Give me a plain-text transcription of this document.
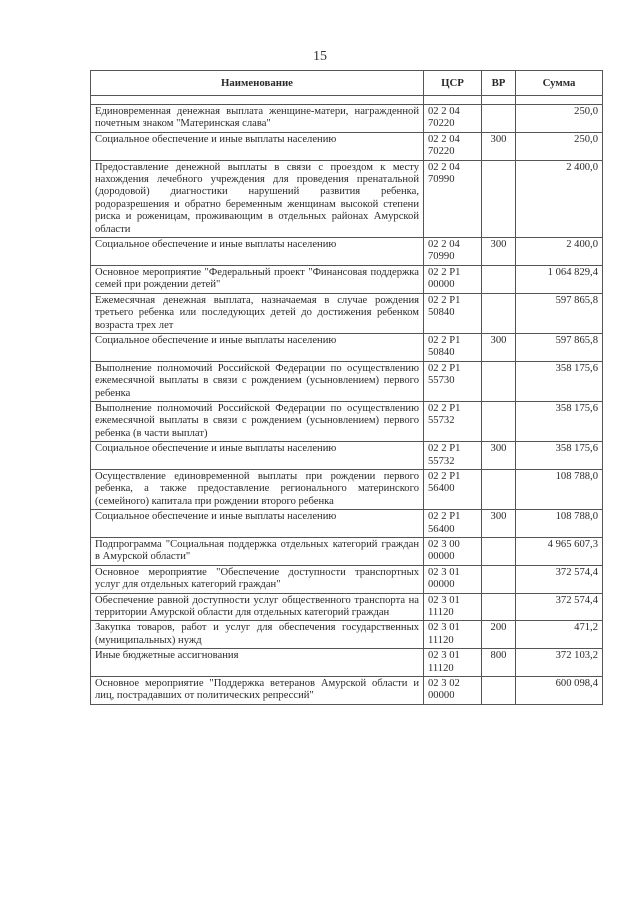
15
Наименование	ЦСР	ВР	Сумма

Единовременная денежная выплата женщине-матери, награжденной почетным знаком "Материнская слава"	02 2 04 70220		250,0
Социальное обеспечение и иные выплаты населению	02 2 04 70220	300	250,0
Предоставление денежной выплаты в связи с проездом к месту нахождения лечебного учреждения для проведения пренатальной (дородовой) диагностики нарушений развития ребенка, родоразрешения и обратно беременным женщинам высокой степени риска и роженицам, проживающим в отдельных районах Амурской области	02 2 04 70990		2 400,0
Социальное обеспечение и иные выплаты населению	02 2 04 70990	300	2 400,0
Основное мероприятие "Федеральный проект "Финансовая поддержка семей при рождении детей"	02 2 P1 00000		1 064 829,4
Ежемесячная денежная выплата, назначаемая в случае рождения третьего ребенка или последующих детей до достижения ребенком возраста трех лет	02 2 P1 50840		597 865,8
Социальное обеспечение и иные выплаты населению	02 2 P1 50840	300	597 865,8
Выполнение полномочий Российской Федерации по осуществлению ежемесячной выплаты в связи с рождением (усыновлением) первого ребенка	02 2 P1 55730		358 175,6
Выполнение полномочий Российской Федерации по осуществлению ежемесячной выплаты в связи с рождением (усыновлением) первого ребенка (в части выплат)	02 2 P1 55732		358 175,6
Социальное обеспечение и иные выплаты населению	02 2 P1 55732	300	358 175,6
Осуществление единовременной выплаты при рождении первого ребенка, а также предоставление регионального материнского (семейного) капитала при рождении второго ребенка	02 2 P1 56400		108 788,0
Социальное обеспечение и иные выплаты населению	02 2 P1 56400	300	108 788,0
Подпрограмма "Социальная поддержка отдельных категорий граждан в Амурской области"	02 3 00 00000		4 965 607,3
Основное мероприятие "Обеспечение доступности транспортных услуг для отдельных категорий граждан"	02 3 01 00000		372 574,4
Обеспечение равной доступности услуг общественного транспорта на территории Амурской области для отдельных категорий граждан	02 3 01 11120		372 574,4
Закупка товаров, работ и услуг для обеспечения государственных (муниципальных) нужд	02 3 01 11120	200	471,2
Иные бюджетные ассигнования	02 3 01 11120	800	372 103,2
Основное мероприятие "Поддержка ветеранов Амурской области и лиц, пострадавших от политических репрессий"	02 3 02 00000		600 098,4
